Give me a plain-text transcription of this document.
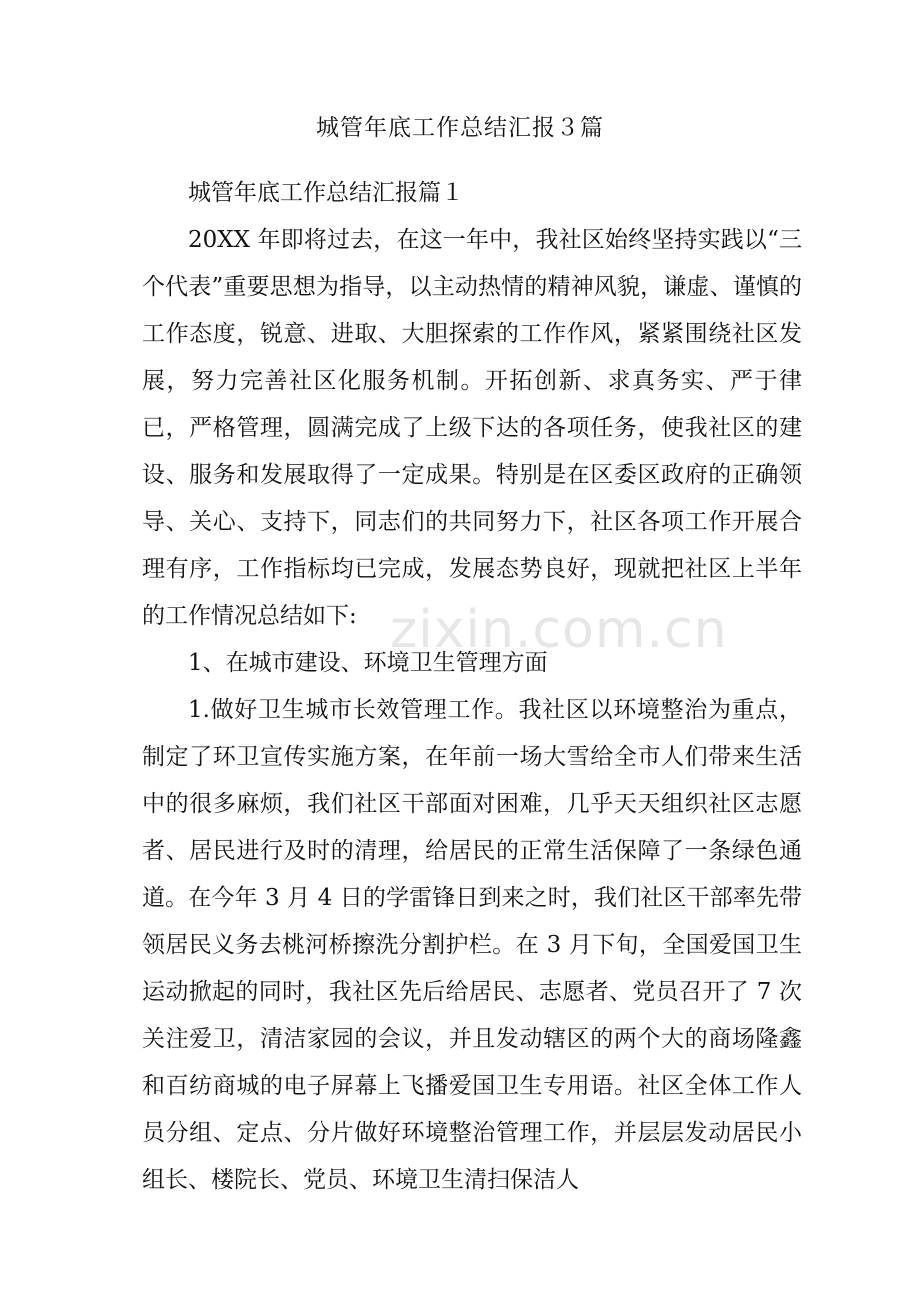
zixin.com.cn
城管年底工作总结汇报３篇

城管年底工作总结汇报篇１

20XX 年即将过去，在这一年中，我社区始终坚持实践以“三个代表”重要思想为指导，以主动热情的精神风貌，谦虚、谨慎的工作态度，锐意、进取、大胆探索的工作作风，紧紧围绕社区发展，努力完善社区化服务机制。开拓创新、求真务实、严于律已，严格管理，圆满完成了上级下达的各项任务，使我社区的建设、服务和发展取得了一定成果。特别是在区委区政府的正确领导、关心、支持下，同志们的共同努力下，社区各项工作开展合理有序，工作指标均已完成，发展态势良好，现就把社区上半年的工作情况总结如下:

1、在城市建设、环境卫生管理方面

1.做好卫生城市长效管理工作。我社区以环境整治为重点，制定了环卫宣传实施方案，在年前一场大雪给全市人们带来生活中的很多麻烦，我们社区干部面对困难，几乎天天组织社区志愿者、居民进行及时的清理，给居民的正常生活保障了一条绿色通道。在今年 3 月 4 日的学雷锋日到来之时，我们社区干部率先带领居民义务去桃河桥擦洗分割护栏。在 3 月下旬，全国爱国卫生运动掀起的同时，我社区先后给居民、志愿者、党员召开了 7 次关注爱卫，清洁家园的会议，并且发动辖区的两个大的商场隆鑫和百纺商城的电子屏幕上飞播爱国卫生专用语。社区全体工作人员分组、定点、分片做好环境整治管理工作，并层层发动居民小组长、楼院长、党员、环境卫生清扫保洁人
